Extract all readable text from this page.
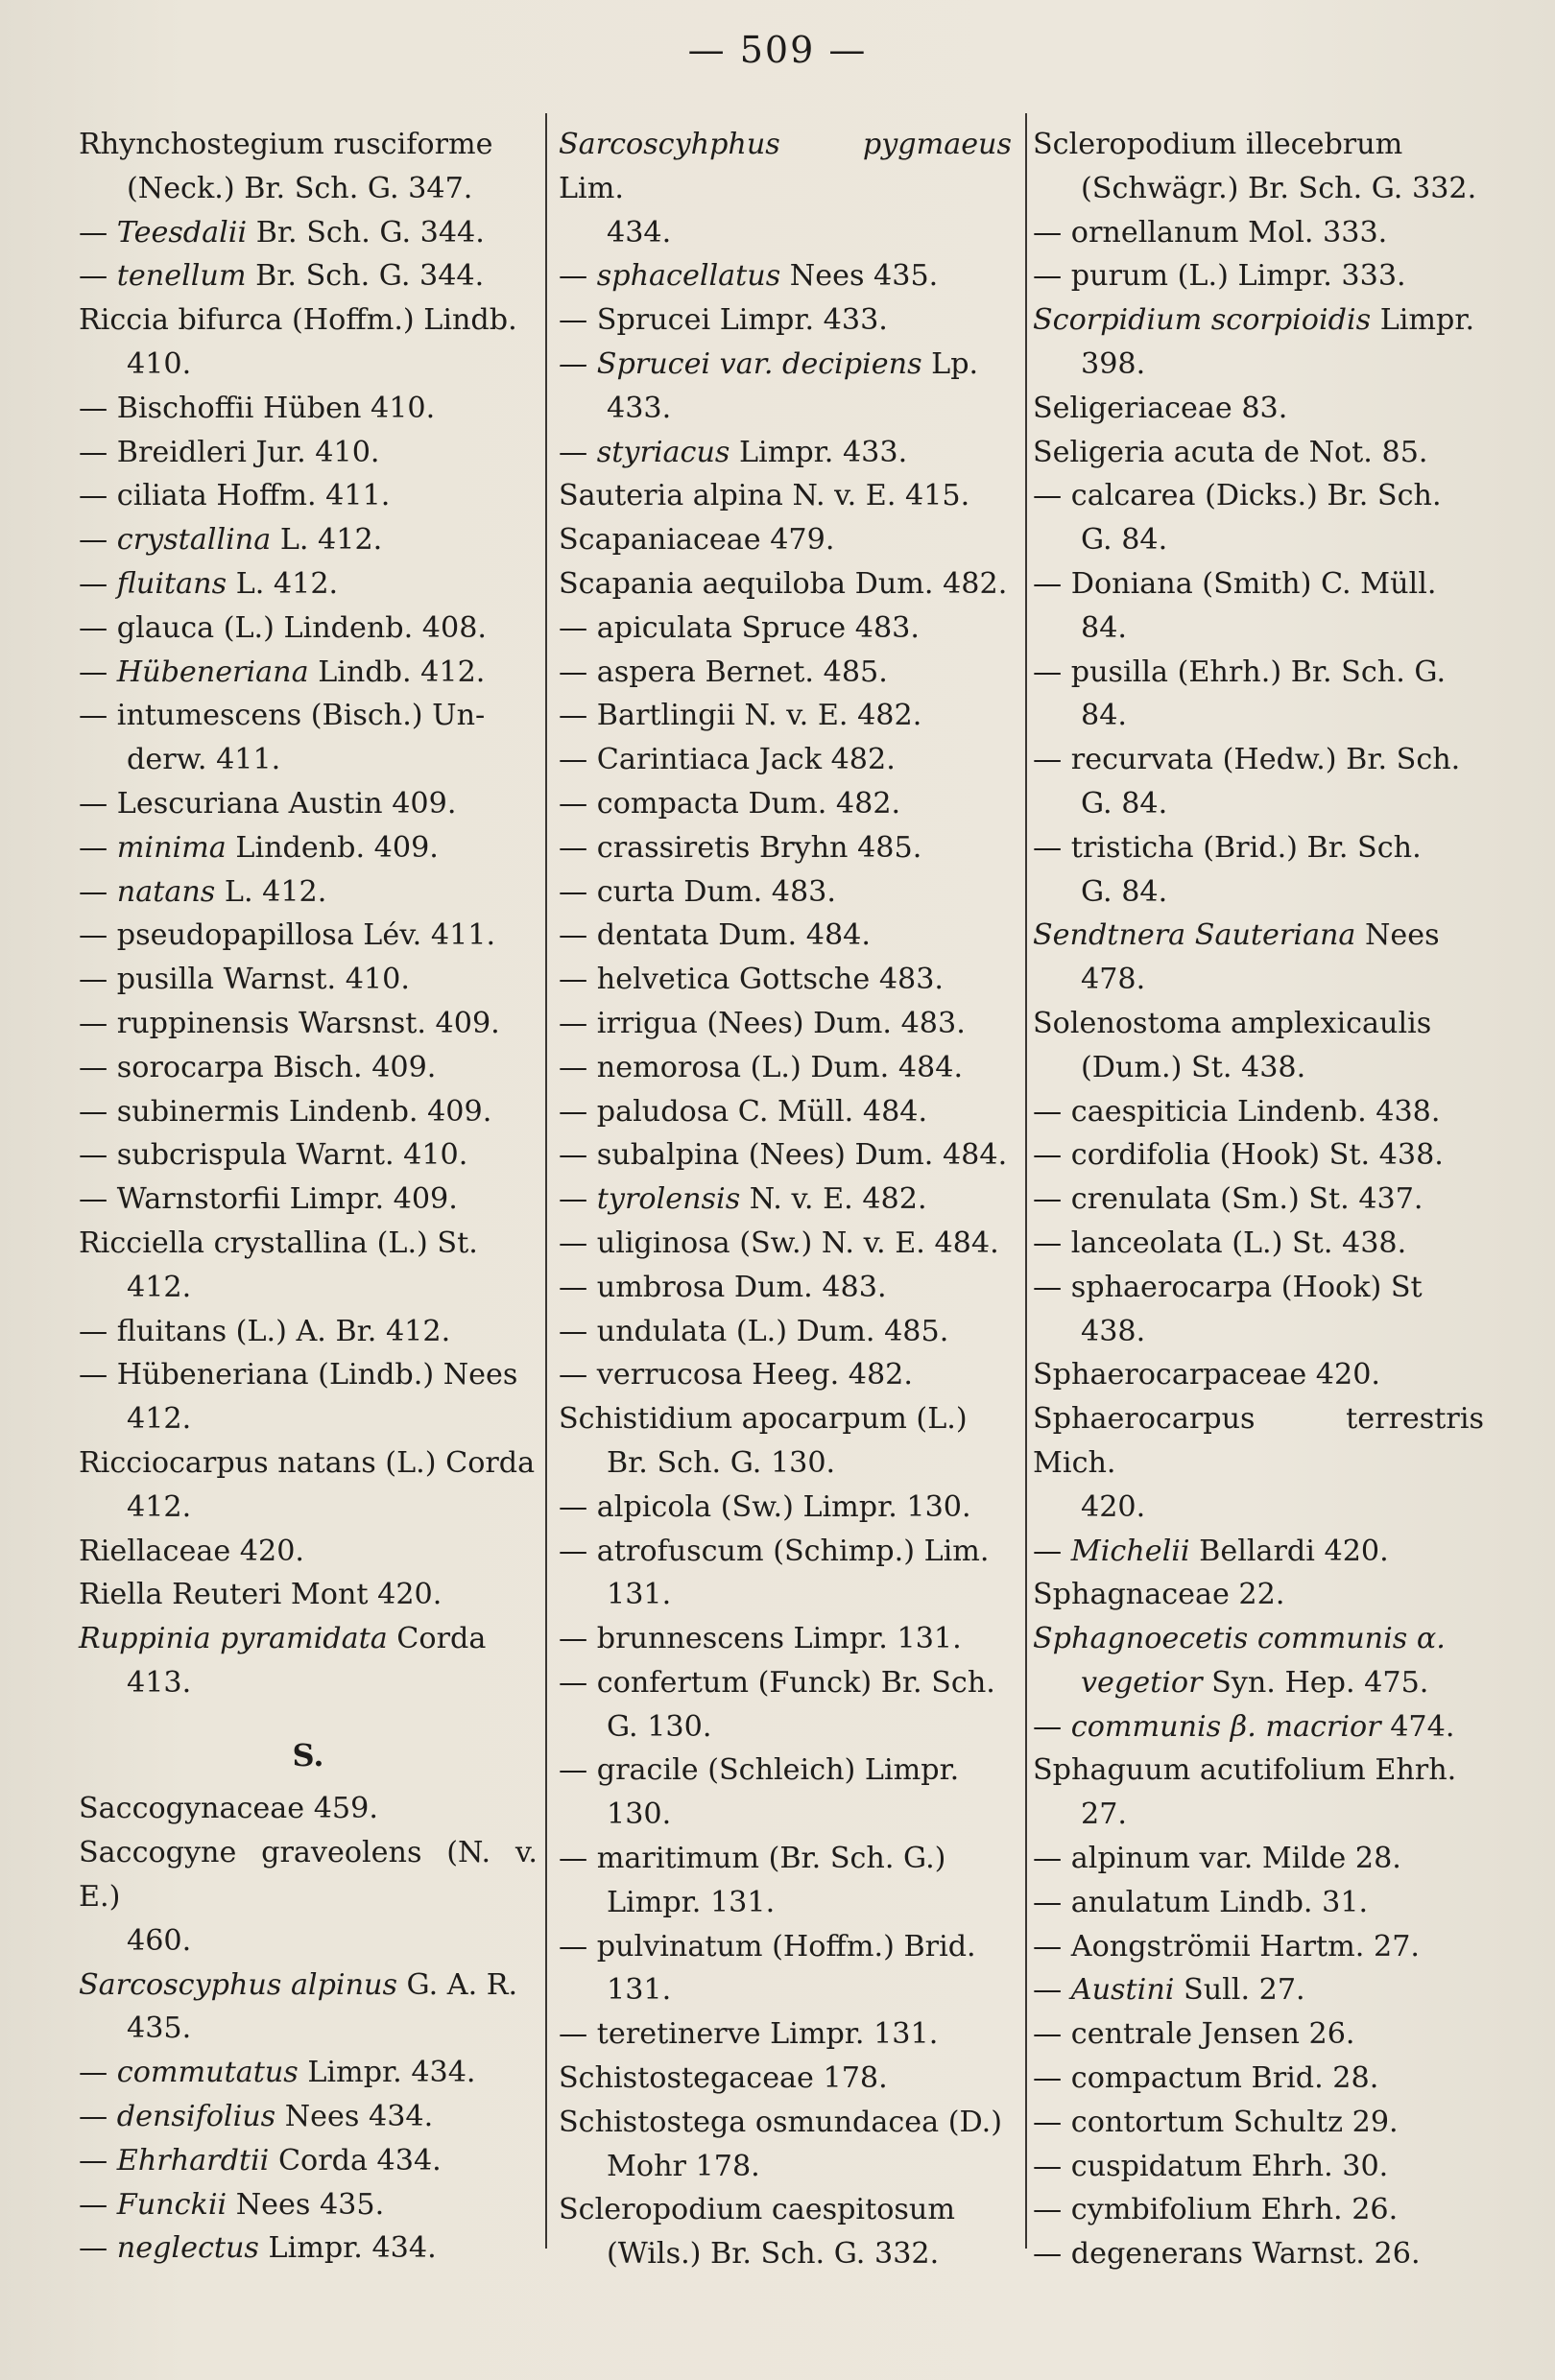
— 509 —
Rhynchostegium rusciforme
(Neck.) Br. Sch. G. 347.
— Teesdalii Br. Sch. G. 344.
— tenellum Br. Sch. G. 344.
Riccia bifurca (Hoffm.) Lindb.
410.
— Bischoffii Hüben 410.
— Breidleri Jur. 410.
— ciliata Hoffm. 411.
— crystallina L. 412.
— fluitans L. 412.
— glauca (L.) Lindenb. 408.
— Hübeneriana Lindb. 412.
— intumescens (Bisch.) Un-
derw. 411.
— Lescuriana Austin 409.
— minima Lindenb. 409.
— natans L. 412.
— pseudopapillosa Lév. 411.
— pusilla Warnst. 410.
— ruppinensis Warsnst. 409.
— sorocarpa Bisch. 409.
— subinermis Lindenb. 409.
— subcrispula Warnt. 410.
— Warnstorfii Limpr. 409.
Ricciella crystallina (L.) St.
412.
— fluitans (L.) A. Br. 412.
— Hübeneriana (Lindb.) Nees
412.
Ricciocarpus natans (L.) Corda
412.
Riellaceae 420.
Riella Reuteri Mont 420.
Ruppinia pyramidata Corda
413.
S.
Saccogynaceae 459.
Saccogyne graveolens (N. v. E.)
460.
Sarcoscyphus alpinus G. A. R.
435.
— commutatus Limpr. 434.
— densifolius Nees 434.
— Ehrhardtii Corda 434.
— Funckii Nees 435.
— neglectus Limpr. 434.
Sarcoscyhphus pygmaeus Lim.
434.
— sphacellatus Nees 435.
— Sprucei Limpr. 433.
— Sprucei var. decipiens Lp.
433.
— styriacus Limpr. 433.
Sauteria alpina N. v. E. 415.
Scapaniaceae 479.
Scapania aequiloba Dum. 482.
— apiculata Spruce 483.
— aspera Bernet. 485.
— Bartlingii N. v. E. 482.
— Carintiaca Jack 482.
— compacta Dum. 482.
— crassiretis Bryhn 485.
— curta Dum. 483.
— dentata Dum. 484.
— helvetica Gottsche 483.
— irrigua (Nees) Dum. 483.
— nemorosa (L.) Dum. 484.
— paludosa C. Müll. 484.
— subalpina (Nees) Dum. 484.
— tyrolensis N. v. E. 482.
— uliginosa (Sw.) N. v. E. 484.
— umbrosa Dum. 483.
— undulata (L.) Dum. 485.
— verrucosa Heeg. 482.
Schistidium apocarpum (L.)
Br. Sch. G. 130.
— alpicola (Sw.) Limpr. 130.
— atrofuscum (Schimp.) Lim.
131.
— brunnescens Limpr. 131.
— confertum (Funck) Br. Sch.
G. 130.
— gracile (Schleich) Limpr.
130.
— maritimum (Br. Sch. G.)
Limpr. 131.
— pulvinatum (Hoffm.) Brid.
131.
— teretinerve Limpr. 131.
Schistostegaceae 178.
Schistostega osmundacea (D.)
Mohr 178.
Scleropodium caespitosum
(Wils.) Br. Sch. G. 332.
Scleropodium illecebrum
(Schwägr.) Br. Sch. G. 332.
— ornellanum Mol. 333.
— purum (L.) Limpr. 333.
Scorpidium scorpioidis Limpr.
398.
Seligeriaceae 83.
Seligeria acuta de Not. 85.
— calcarea (Dicks.) Br. Sch.
G. 84.
— Doniana (Smith) C. Müll.
84.
— pusilla (Ehrh.) Br. Sch. G.
84.
— recurvata (Hedw.) Br. Sch.
G. 84.
— tristicha (Brid.) Br. Sch.
G. 84.
Sendtnera Sauteriana Nees
478.
Solenostoma amplexicaulis
(Dum.) St. 438.
— caespiticia Lindenb. 438.
— cordifolia (Hook) St. 438.
— crenulata (Sm.) St. 437.
— lanceolata (L.) St. 438.
— sphaerocarpa (Hook) St
438.
Sphaerocarpaceae 420.
Sphaerocarpus terrestris Mich.
420.
— Michelii Bellardi 420.
Sphagnaceae 22.
Sphagnoecetis communis α.
vegetior Syn. Hep. 475.
— communis β. macrior 474.
Sphaguum acutifolium Ehrh.
27.
— alpinum var. Milde 28.
— anulatum Lindb. 31.
— Aongströmii Hartm. 27.
— Austini Sull. 27.
— centrale Jensen 26.
— compactum Brid. 28.
— contortum Schultz 29.
— cuspidatum Ehrh. 30.
— cymbifolium Ehrh. 26.
— degenerans Warnst. 26.
